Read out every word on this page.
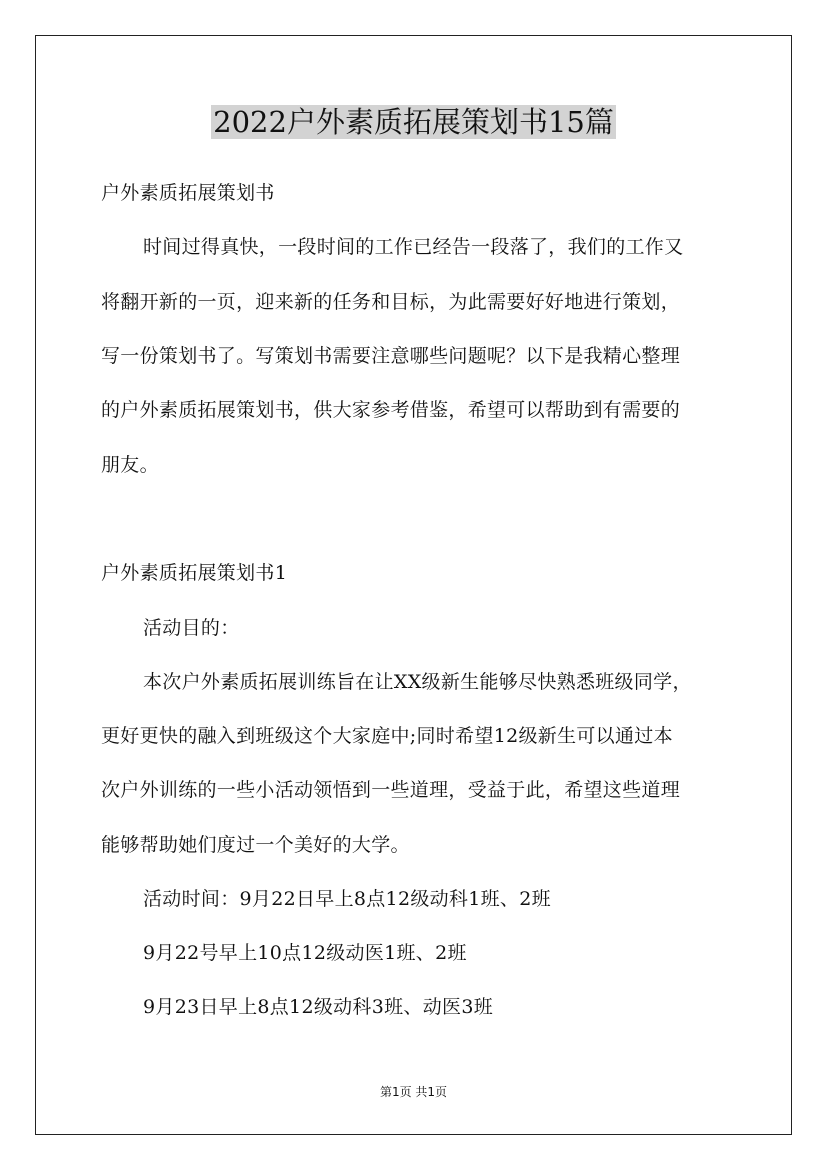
2022户外素质拓展策划书15篇

户外素质拓展策划书

时间过得真快，一段时间的工作已经告一段落了，我们的工作又

将翻开新的一页，迎来新的任务和目标，为此需要好好地进行策划，

写一份策划书了。写策划书需要注意哪些问题呢？以下是我精心整理

的户外素质拓展策划书，供大家参考借鉴，希望可以帮助到有需要的

朋友。

户外素质拓展策划书1

活动目的：

本次户外素质拓展训练旨在让XX级新生能够尽快熟悉班级同学，

更好更快的融入到班级这个大家庭中;同时希望12级新生可以通过本

次户外训练的一些小活动领悟到一些道理，受益于此，希望这些道理

能够帮助她们度过一个美好的大学。

活动时间：9月22日早上8点12级动科1班、2班

9月22号早上10点12级动医1班、2班

9月23日早上8点12级动科3班、动医3班

第1页 共1页
